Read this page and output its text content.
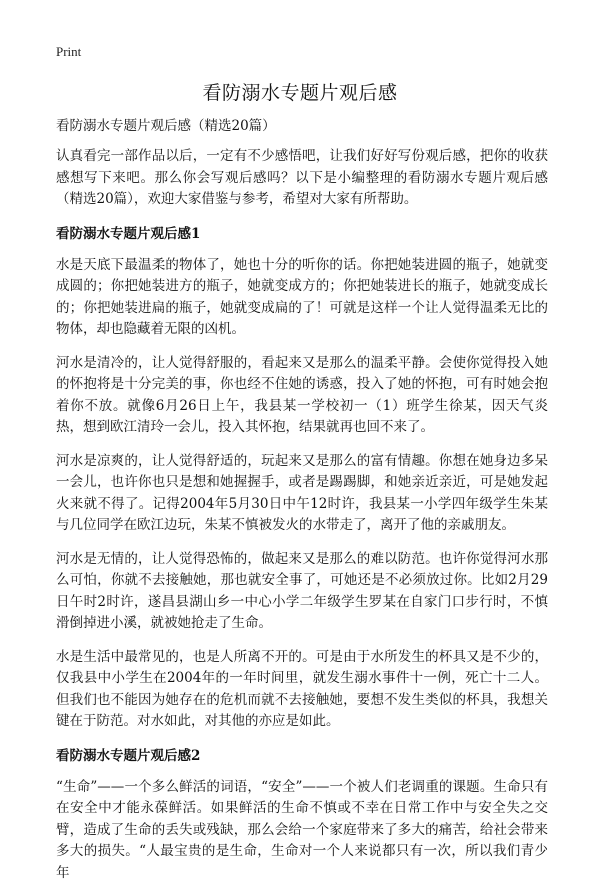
Print
看防溺水专题片观后感
看防溺水专题片观后感（精选20篇）

认真看完一部作品以后，一定有不少感悟吧，让我们好好写份观后感，把你的收获感想写下来吧。那么你会写观后感吗？以下是小编整理的看防溺水专题片观后感（精选20篇），欢迎大家借鉴与参考，希望对大家有所帮助。

看防溺水专题片观后感1

水是天底下最温柔的物体了，她也十分的听你的话。你把她装进圆的瓶子，她就变成圆的；你把她装进方的瓶子，她就变成方的；你把她装进长的瓶子，她就变成长的；你把她装进扁的瓶子，她就变成扁的了！可就是这样一个让人觉得温柔无比的物体，却也隐藏着无限的凶机。

河水是清冷的，让人觉得舒服的，看起来又是那么的温柔平静。会使你觉得投入她的怀抱将是十分完美的事，你也经不住她的诱惑，投入了她的怀抱，可有时她会抱着你不放。就像6月26日上午，我县某一学校初一（1）班学生徐某，因天气炎热，想到欧江清玲一会儿，投入其怀抱，结果就再也回不来了。

河水是凉爽的，让人觉得舒适的，玩起来又是那么的富有情趣。你想在她身边多呆一会儿，也许你也只是想和她握握手，或者是踢踢脚，和她亲近亲近，可是她发起火来就不得了。记得2004年5月30日中午12时许，我县某一小学四年级学生朱某与几位同学在欧江边玩，朱某不慎被发火的水带走了，离开了他的亲戚朋友。

河水是无情的，让人觉得恐怖的，做起来又是那么的难以防范。也许你觉得河水那么可怕，你就不去接触她，那也就安全事了，可她还是不必须放过你。比如2月29日午时2时许，遂昌县湖山乡一中心小学二年级学生罗某在自家门口步行时，不慎滑倒掉进小溪，就被她抢走了生命。

水是生活中最常见的，也是人所离不开的。可是由于水所发生的杯具又是不少的，仅我县中小学生在2004年的一年时间里，就发生溺水事件十一例，死亡十二人。但我们也不能因为她存在的危机而就不去接触她，要想不发生类似的杯具，我想关键在于防范。对水如此，对其他的亦应是如此。

看防溺水专题片观后感2

“生命”——一个多么鲜活的词语，“安全”——一个被人们老调重的课题。生命只有在安全中才能永葆鲜活。如果鲜活的生命不慎或不幸在日常工作中与安全失之交臂，造成了生命的丢失或残缺，那么会给一个家庭带来了多大的痛苦，给社会带来多大的损失。“人最宝贵的是生命，生命对一个人来说都只有一次，所以我们青少年
